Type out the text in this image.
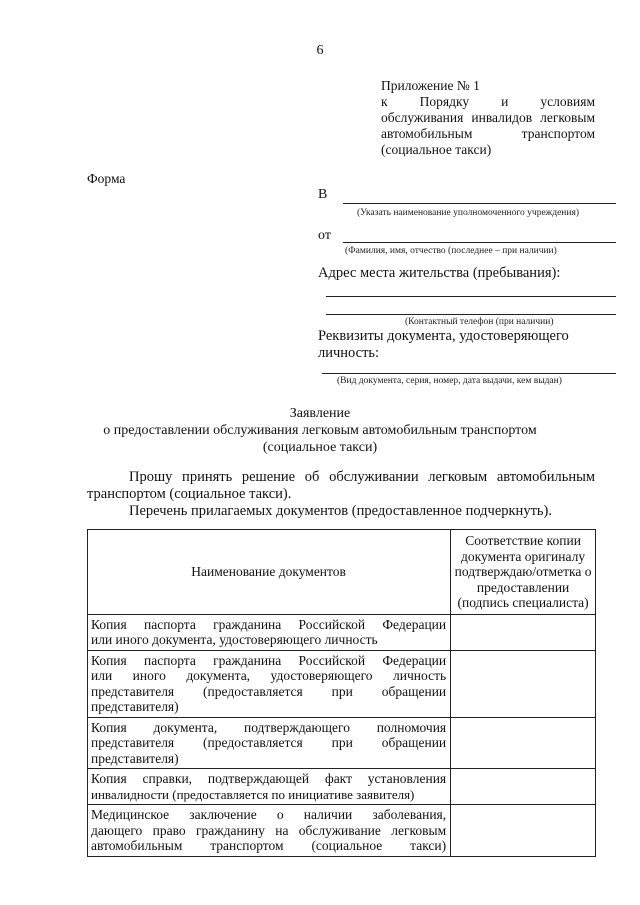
6
Приложение № 1
к Порядку и условиям
обслуживания инвалидов легковым
автомобильным транспортом
(социальное такси)
Форма
В
(Указать наименование уполномоченного учреждения)
от
(Фамилия, имя, отчество (последнее – при наличии)
Адрес места жительства (пребывания):
(Контактный телефон (при наличии)
Реквизиты документа, удостоверяющего
личность:
(Вид документа, серия, номер, дата выдачи, кем выдан)
Заявление
о предоставлении обслуживания легковым автомобильным транспортом
(социальное такси)
Прошу принять решение об обслуживании легковым автомобильным
транспортом (социальное такси).
Перечень прилагаемых документов (предоставленное подчеркнуть).
Наименование документов	Соответствие копии документа оригиналу подтверждаю/отметка о предоставлении (подпись специалиста)

Копия паспорта гражданина Российской Федерации
или иного документа, удостоверяющего личность	

Копия паспорта гражданина Российской Федерации
или иного документа, удостоверяющего личность
представителя (предоставляется при обращении
представителя)	

Копия документа, подтверждающего полномочия
представителя (предоставляется при обращении
представителя)	

Копия справки, подтверждающей факт установления
инвалидности (предоставляется по инициативе заявителя)	

Медицинское заключение о наличии заболевания,
дающего право гражданину на обслуживание легковым
автомобильным транспортом (социальное такси)	
